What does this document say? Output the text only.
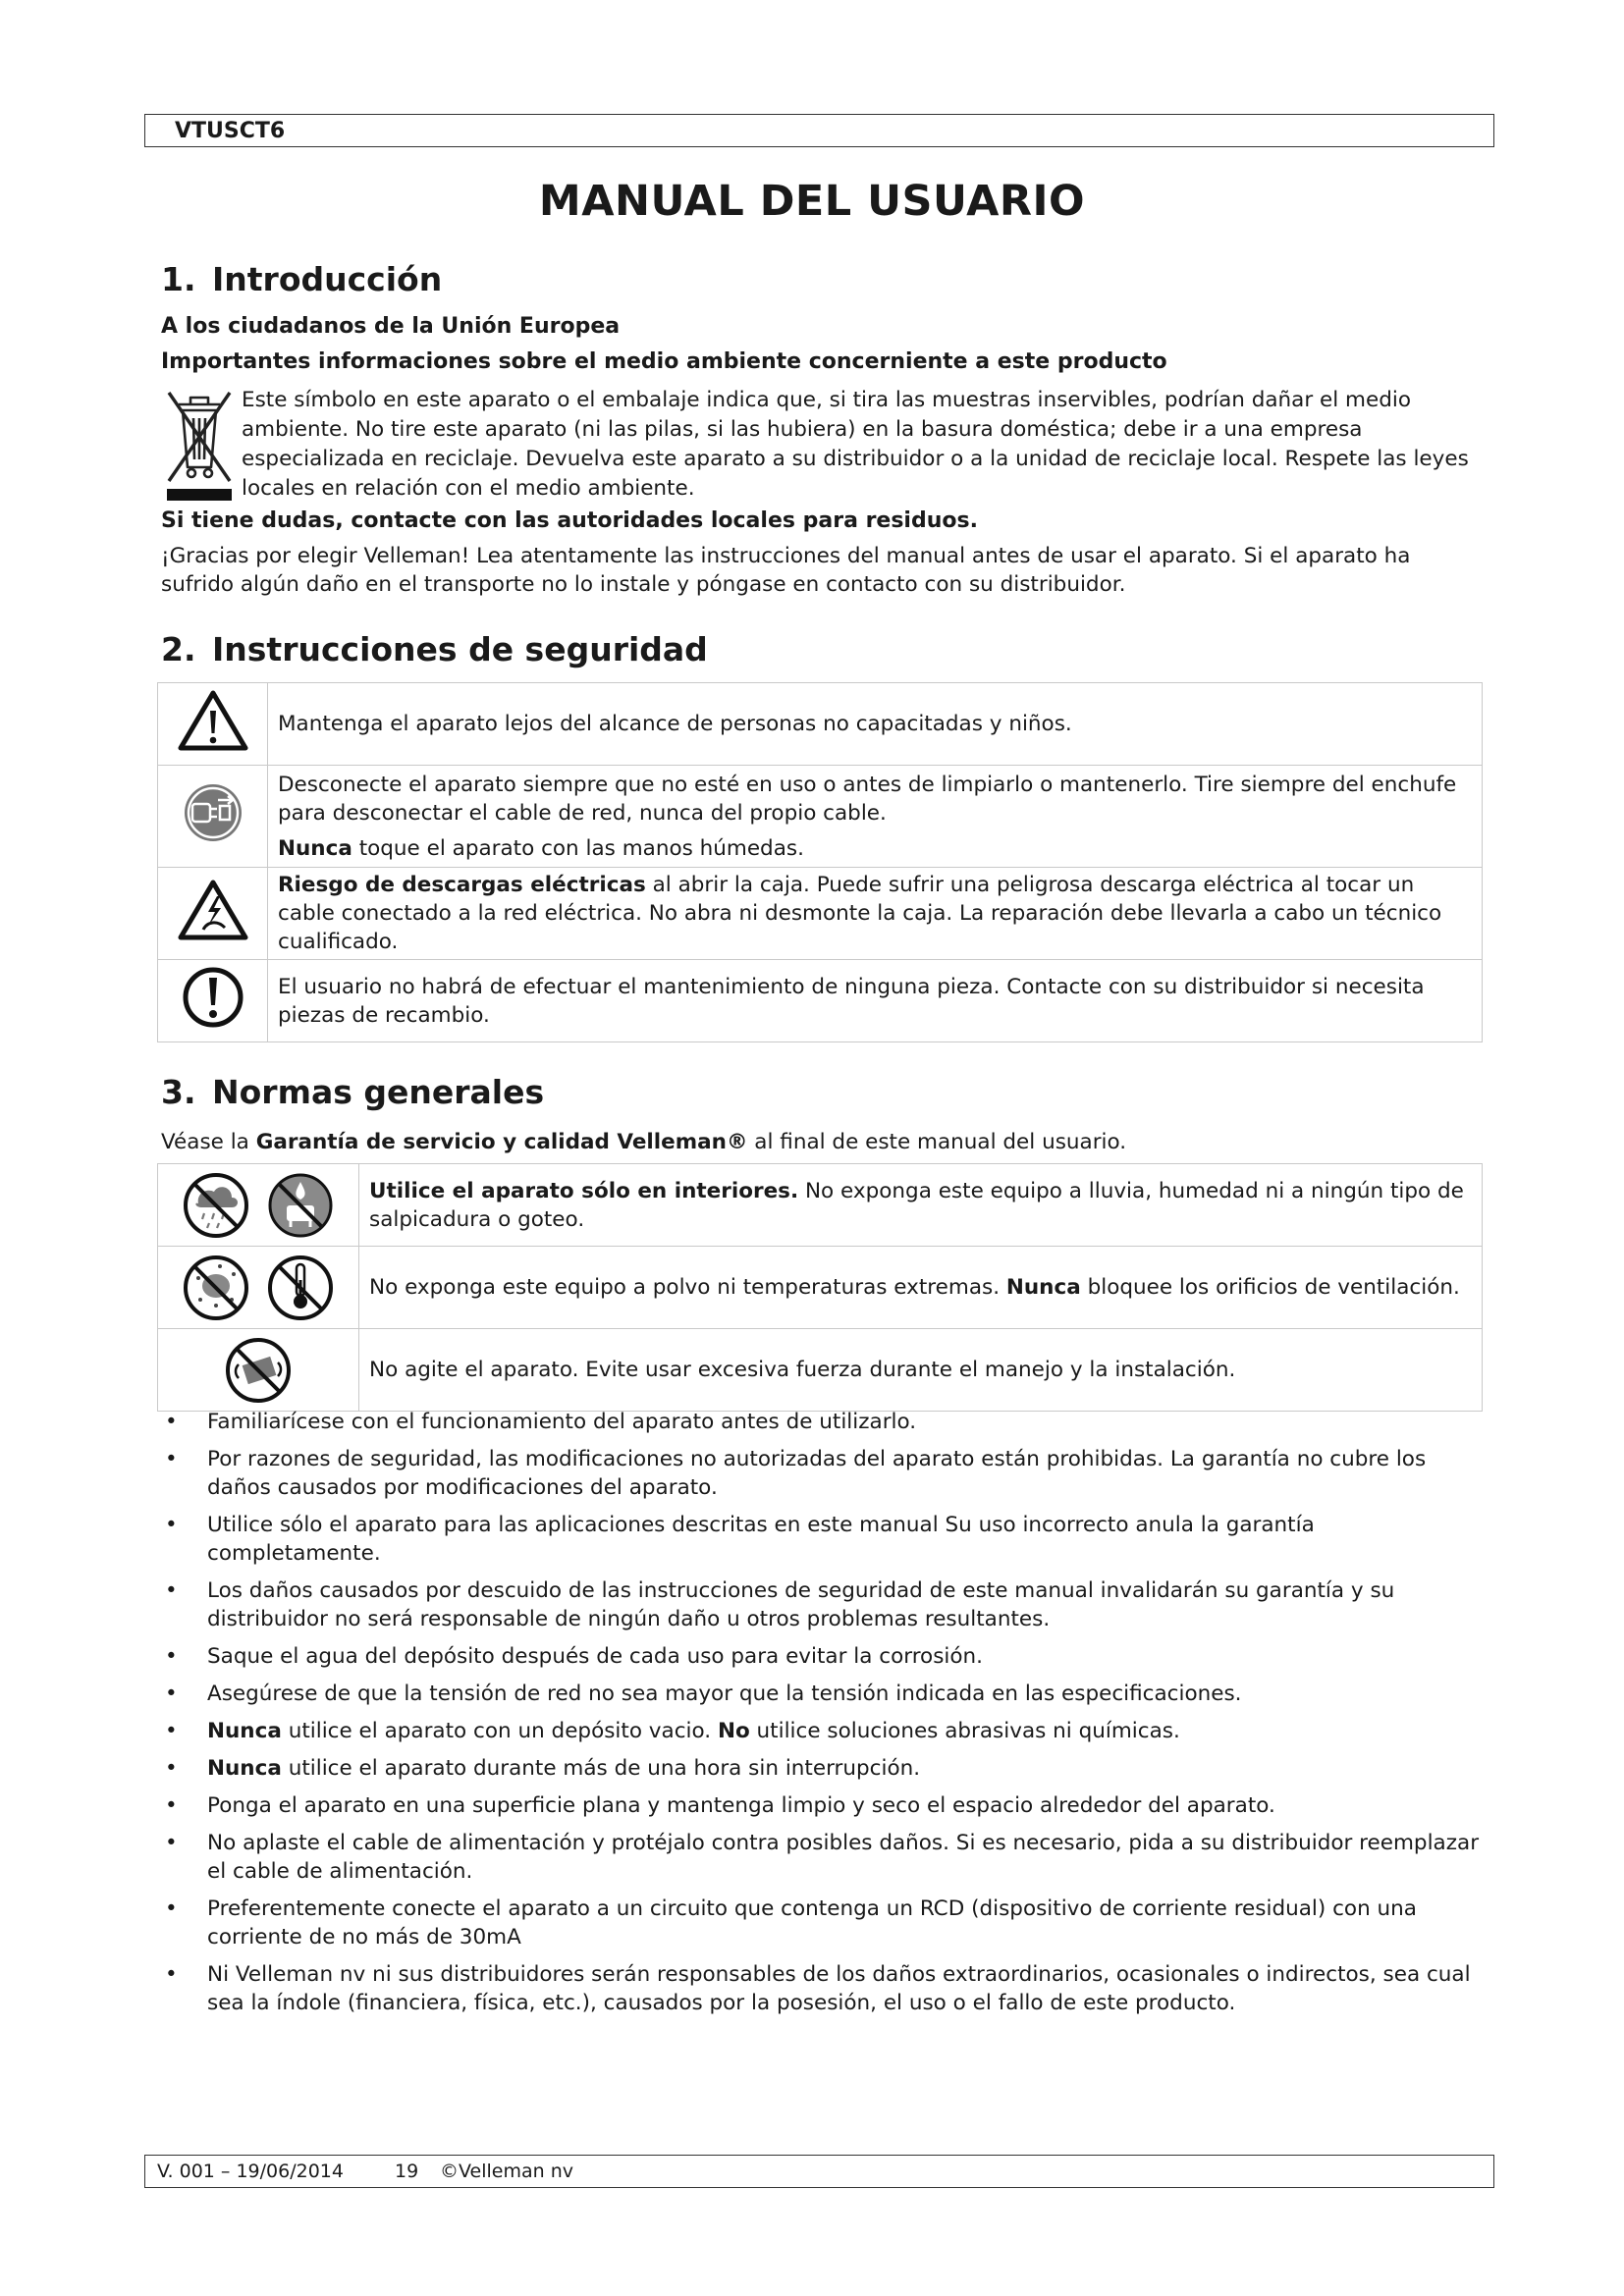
VTUSCT6
MANUAL DEL USUARIO
1. Introducción
A los ciudadanos de la Unión Europea
Importantes informaciones sobre el medio ambiente concerniente a este producto
Este símbolo en este aparato o el embalaje indica que, si tira las muestras inservibles, podrían dañar el medio ambiente. No tire este aparato (ni las pilas, si las hubiera) en la basura doméstica; debe ir a una empresa especializada en reciclaje. Devuelva este aparato a su distribuidor o a la unidad de reciclaje local. Respete las leyes locales en relación con el medio ambiente.
Si tiene dudas, contacte con las autoridades locales para residuos.
¡Gracias por elegir Velleman! Lea atentamente las instrucciones del manual antes de usar el aparato. Si el aparato ha sufrido algún daño en el transporte no lo instale y póngase en contacto con su distribuidor.
2. Instrucciones de seguridad

Mantenga el aparato lejos del alcance de personas no capacitadas y niños.

Desconecte el aparato siempre que no esté en uso o antes de limpiarlo o mantenerlo. Tire siempre del enchufe para desconectar el cable de red, nunca del propio cable.

Nunca toque el aparato con las manos húmedas.

Riesgo de descargas eléctricas al abrir la caja. Puede sufrir una peligrosa descarga eléctrica al tocar un cable conectado a la red eléctrica. No abra ni desmonte la caja. La reparación debe llevarla a cabo un técnico cualificado.

El usuario no habrá de efectuar el mantenimiento de ninguna pieza. Contacte con su distribuidor si necesita piezas de recambio.

3. Normas generales
Véase la Garantía de servicio y calidad Velleman® al final de este manual del usuario.

Utilice el aparato sólo en interiores. No exponga este equipo a lluvia, humedad ni a ningún tipo de salpicadura o goteo.

No exponga este equipo a polvo ni temperaturas extremas. Nunca bloquee los orificios de ventilación.

No agite el aparato. Evite usar excesiva fuerza durante el manejo y la instalación.

• Familiarícese con el funcionamiento del aparato antes de utilizarlo.
• Por razones de seguridad, las modificaciones no autorizadas del aparato están prohibidas. La garantía no cubre los daños causados por modificaciones del aparato.
• Utilice sólo el aparato para las aplicaciones descritas en este manual Su uso incorrecto anula la garantía completamente.
• Los daños causados por descuido de las instrucciones de seguridad de este manual invalidarán su garantía y su distribuidor no será responsable de ningún daño u otros problemas resultantes.
• Saque el agua del depósito después de cada uso para evitar la corrosión.
• Asegúrese de que la tensión de red no sea mayor que la tensión indicada en las especificaciones.
• Nunca utilice el aparato con un depósito vacio. No utilice soluciones abrasivas ni químicas.
• Nunca utilice el aparato durante más de una hora sin interrupción.
• Ponga el aparato en una superficie plana y mantenga limpio y seco el espacio alrededor del aparato.
• No aplaste el cable de alimentación y protéjalo contra posibles daños. Si es necesario, pida a su distribuidor reemplazar el cable de alimentación.
• Preferentemente conecte el aparato a un circuito que contenga un RCD (dispositivo de corriente residual) con una corriente de no más de 30mA
• Ni Velleman nv ni sus distribuidores serán responsables de los daños extraordinarios, ocasionales o indirectos, sea cual sea la índole (financiera, física, etc.), causados por la posesión, el uso o el fallo de este producto.
V. 001 – 19/06/2014	19 ©Velleman nv
